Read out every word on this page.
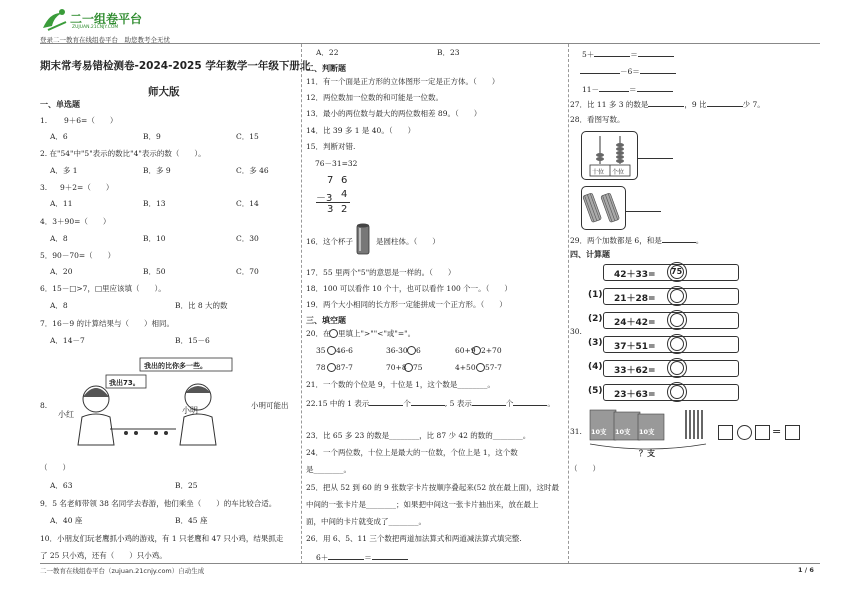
二一组卷平台
ZUJUAN.21CNJY.COM
登录二一教育在线组卷平台　助您教考全无忧
期末常考易错检测卷-2024-2025 学年数学一年级下册北
师大版
一、单选题
1. 9＋6=（　　）
A．6	B．9	C．15
2. 在"54"中"5"表示的数比"4"表示的数（　　）。
A．多 1	B．多 9	C．多 46
3. 9＋2=（　　）
A．11	B．13	C．14
4．3＋90=（　　）
A．8	B．10	C．30
5．90－70=（　　）
A．20	B．50	C．70
6．15－□>7，□里应该填（　　）。
A．8	B．比 8 大的数
7．16－9 的计算结果与（　　）相同。
A．14－7	B．15－6
8.
我出的比你多一些。
我出73。
小红	小明
小明可能出
（　　）
A．63	B．25
9．5 名老师带领 38 名同学去春游，他们乘坐（　　）的车比较合适。
A．40 座	B．45 座
10．小朋友们玩老鹰抓小鸡的游戏，有 1 只老鹰和 47 只小鸡，结果抓走
了 25 只小鸡，还有（　　）只小鸡。
A．22	B．23
二、判断题
11．有一个面是正方形的立体图形一定是正方体。（　　）
12．两位数加一位数的和可能是一位数。
13．最小的两位数与最大的两位数相差 89。（　　）
14．比 39 多 1 是 40。（　　）
15．判断对错.
76－31=32
7 6
－3 4
3 2
16．这个杯子	是圆柱体。（　　）
17．55 里两个"5"的意思是一样的。（　　）
18．100 可以看作 10 个十，也可以看作 100 个一。（　　）
19．两个大小相同的长方形一定能拼成一个正方形。（　　）
三、填空题
20．在　里填上">""<"或"="。
35 46-6	36-30 6	60+9 2+70
78 87-7	70+8 75	4+50 57-7
21．一个数的个位是 9，十位是 1，这个数是________。
22.15 中的 1 表示	个	, 5 表示	个	。
23．比 65 多 23 的数是________，比 87 少 42 的数的________。
24．一个两位数，十位上是最大的一位数，个位上是 1，这个数
是________。
25．把从 52 到 60 的 9 张数字卡片按顺序叠起来(52 放在最上面)，这时最
中间的一张卡片是________；如果把中间这一张卡片抽出来，放在最上
面，中间的卡片就变成了________。
26．用 6、5、11 三个数把两道加法算式和两道减法算式填完整.
6＋	＝
5＋	＝
－6＝
11－	＝
27．比 11 多 3 的数是	，9 比	少 7。
28．看图写数。
十位 个位
29．两个加数都是 6，和是	。
四、计算题
30.
42＋33= 75
(1) 21＋28=
(2) 24＋42=
(3) 37＋51=
(4) 33＋62=
(5) 23＋63=
31. 10支 10支 10支
？支
=
（　　）
二一教育在线组卷平台（zujuan.21cnjy.com）自动生成	1 / 6
